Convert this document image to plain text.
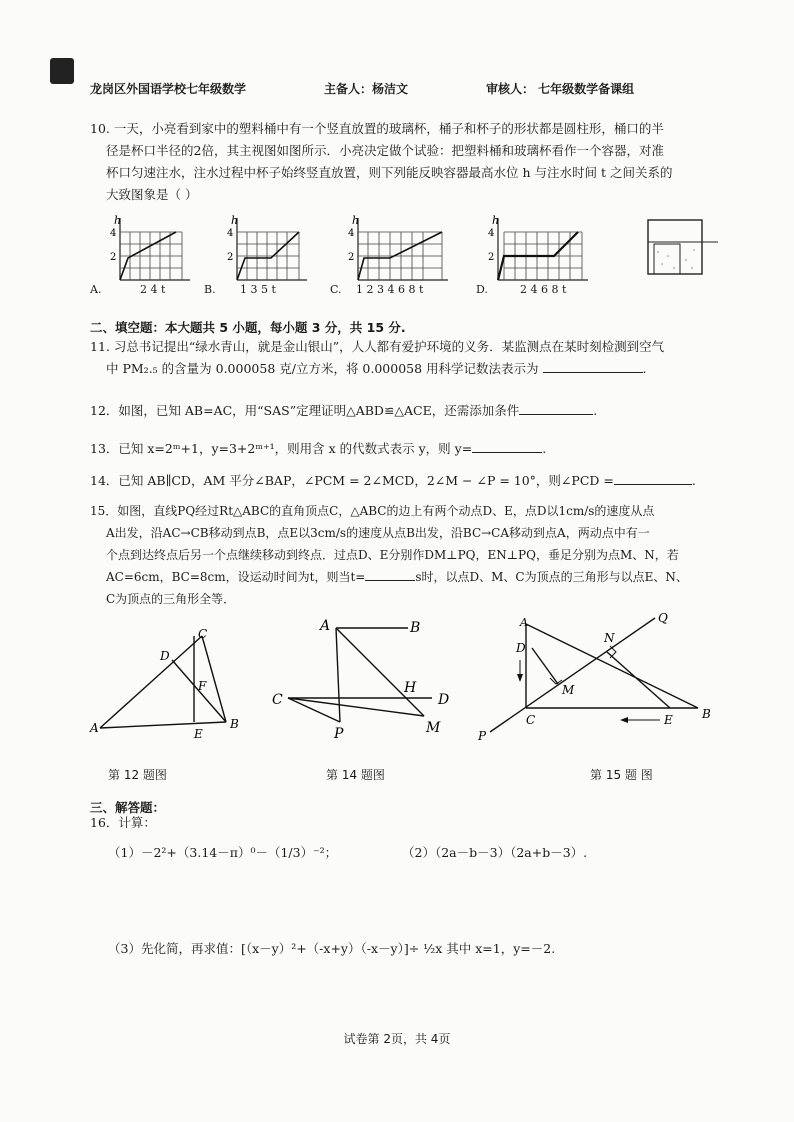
龙岗区外国语学校七年级数学	主备人：杨洁文	审核人： 七年级数学备课组
10. 一天，小亮看到家中的塑料桶中有一个竖直放置的玻璃杯，桶子和杯子的形状都是圆柱形，桶口的半
径是杯口半径的2倍，其主视图如图所示．小亮决定做个试验：把塑料桶和玻璃杯看作一个容器，对准
杯口匀速注水，注水过程中杯子始终竖直放置，则下列能反映容器最高水位 h 与注水时间 t 之间关系的
大致图象是（ ）
h
4
2
h
4
2
h
4
2
h
4
2
A.	2 4 t	B. 1 3 5 t	C. 1 2 3 4 6 8 t	D.	2 4 6 8 t
二、填空题：本大题共 5 小题，每小题 3 分，共 15 分.
11. 习总书记提出“绿水青山，就是金山银山”，人人都有爱护环境的义务．某监测点在某时刻检测到空气
中 PM₂.₅ 的含量为 0.000058 克/立方米，将 0.000058 用科学记数法表示为	.
12．如图，已知 AB=AC，用“SAS”定理证明△ABD≌△ACE，还需添加条件	.
13．已知 x=2ᵐ+1，y=3+2ᵐ⁺¹，则用含 x 的代数式表示 y，则 y=	.
14．已知 AB∥CD，AM 平分∠BAP，∠PCM = 2∠MCD，2∠M − ∠P = 10°，则∠PCD =	.
15．如图，直线PQ经过Rt△ABC的直角顶点C，△ABC的边上有两个动点D、E，点D以1cm/s的速度从点
A出发，沿AC→CB移动到点B，点E以3cm/s的速度从点B出发，沿BC→CA移动到点A，两动点中有一
个点到达终点后另一个点继续移动到终点．过点D、E分别作DM⊥PQ，EN⊥PQ，垂足分别为点M、N，若
AC=6cm，BC=8cm，设运动时间为t，则当t=	s时，以点D、M、C为顶点的三角形与以点E、N、
C为顶点的三角形全等．
A	B
C
D
E
F
A	B
C	D
H
M
P
A
B
C
D
E
M
N
P
Q
第 12 题图	第 14 题图	第 15 题 图
三、解答题：
16．计算：
（1）－2²+（3.14－π）⁰－（1/3）⁻²；	（2）（2a－b－3）（2a+b－3）.
（3）先化简，再求值：[（x－y）²+（-x+y）（-x－y）]÷ ½x 其中 x=1，y=－2.
试卷第 2页，共 4页
